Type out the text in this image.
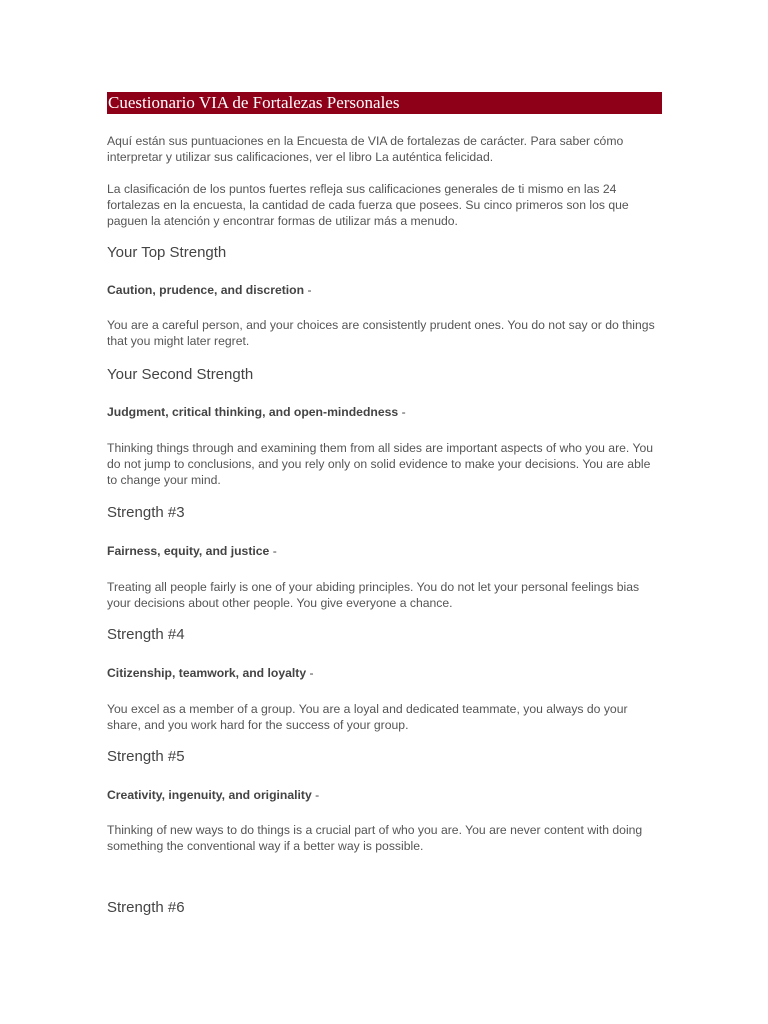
Cuestionario VIA de Fortalezas Personales

Aquí están sus puntuaciones en la Encuesta de VIA de fortalezas de carácter. Para saber cómo interpretar y utilizar sus calificaciones, ver el libro La auténtica felicidad.

La clasificación de los puntos fuertes refleja sus calificaciones generales de ti mismo en las 24 fortalezas en la encuesta, la cantidad de cada fuerza que posees. Su cinco primeros son los que paguen la atención y encontrar formas de utilizar más a menudo.

Your Top Strength

Caution, prudence, and discretion -

You are a careful person, and your choices are consistently prudent ones. You do not say or do things that you might later regret.

Your Second Strength

Judgment, critical thinking, and open-mindedness -

Thinking things through and examining them from all sides are important aspects of who you are. You do not jump to conclusions, and you rely only on solid evidence to make your decisions. You are able to change your mind.

Strength #3

Fairness, equity, and justice -

Treating all people fairly is one of your abiding principles. You do not let your personal feelings bias your decisions about other people. You give everyone a chance.

Strength #4

Citizenship, teamwork, and loyalty -

You excel as a member of a group. You are a loyal and dedicated teammate, you always do your share, and you work hard for the success of your group.

Strength #5

Creativity, ingenuity, and originality -

Thinking of new ways to do things is a crucial part of who you are. You are never content with doing something the conventional way if a better way is possible.

Strength #6
